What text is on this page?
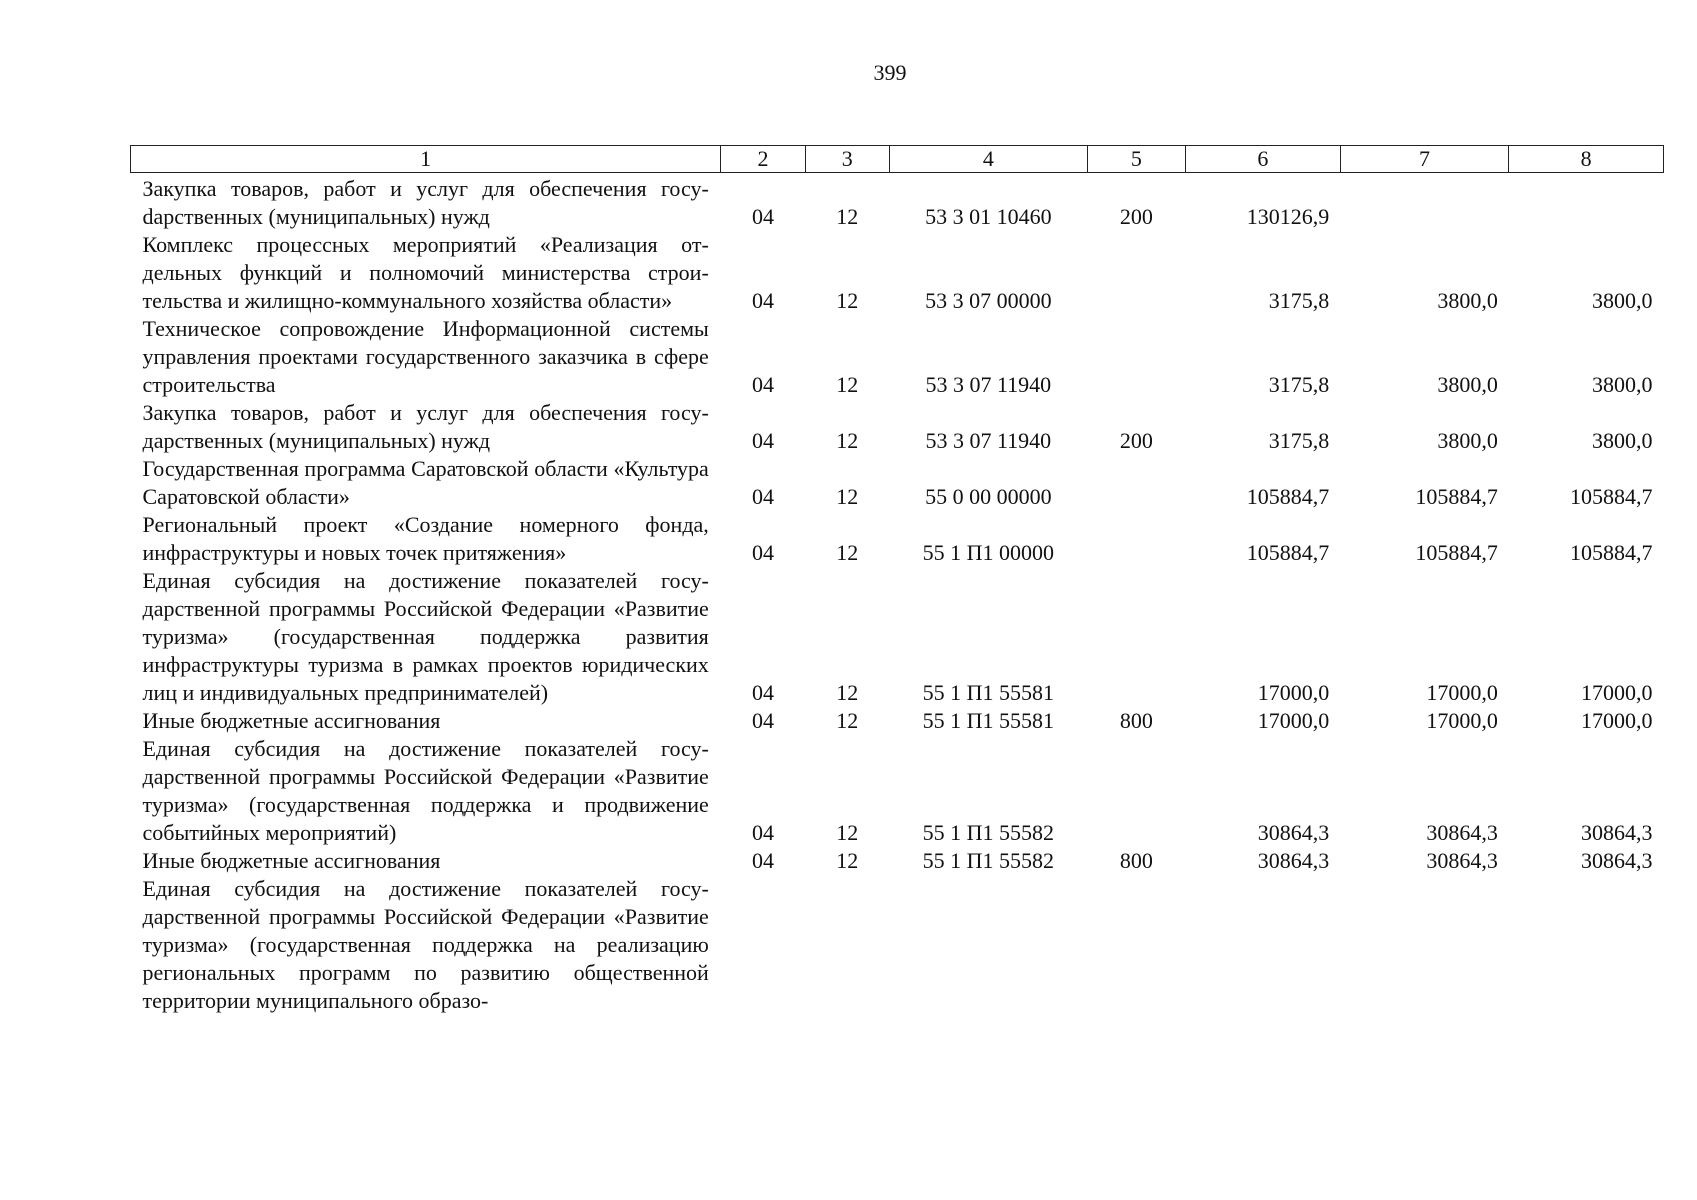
399
1	2	3	4	5	6	7	8
Закупка товаров, работ и услуг для обеспечения госуdарственных (муниципальных) нужд	04	12	53 3 01 10460	200	130126,9		
Комплекс процессных мероприятий «Реализация отдельных функций и полномочий министерства строительства и жилищно-коммунального хозяйства области»	04	12	53 3 07 00000		3175,8	3800,0	3800,0
Техническое сопровождение Информационной системы управления проектами государственного заказчика в сфере строительства	04	12	53 3 07 11940		3175,8	3800,0	3800,0
Закупка товаров, работ и услуг для обеспечения государственных (муниципальных) нужд	04	12	53 3 07 11940	200	3175,8	3800,0	3800,0
Государственная программа Саратовской области «Культура Саратовской области»	04	12	55 0 00 00000		105884,7	105884,7	105884,7
Региональный проект «Создание номерного фонда, инфраструктуры и новых точек притяжения»	04	12	55 1 П1 00000		105884,7	105884,7	105884,7
Единая субсидия на достижение показателей государственной программы Российской Федерации «Развитие туризма» (государственная поддержка развития инфраструктуры туризма в рамках проектов юридических лиц и индивидуальных предпринимателей)	04	12	55 1 П1 55581		17000,0	17000,0	17000,0
Иные бюджетные ассигнования	04	12	55 1 П1 55581	800	17000,0	17000,0	17000,0
Единая субсидия на достижение показателей государственной программы Российской Федерации «Развитие туризма» (государственная поддержка и продвижение событийных мероприятий)	04	12	55 1 П1 55582		30864,3	30864,3	30864,3
Иные бюджетные ассигнования	04	12	55 1 П1 55582	800	30864,3	30864,3	30864,3
Единая субсидия на достижение показателей государственной программы Российской Федерации «Развитие туризма» (государственная поддержка на реализацию региональных программ по развитию общественной территории муниципального образо-							
